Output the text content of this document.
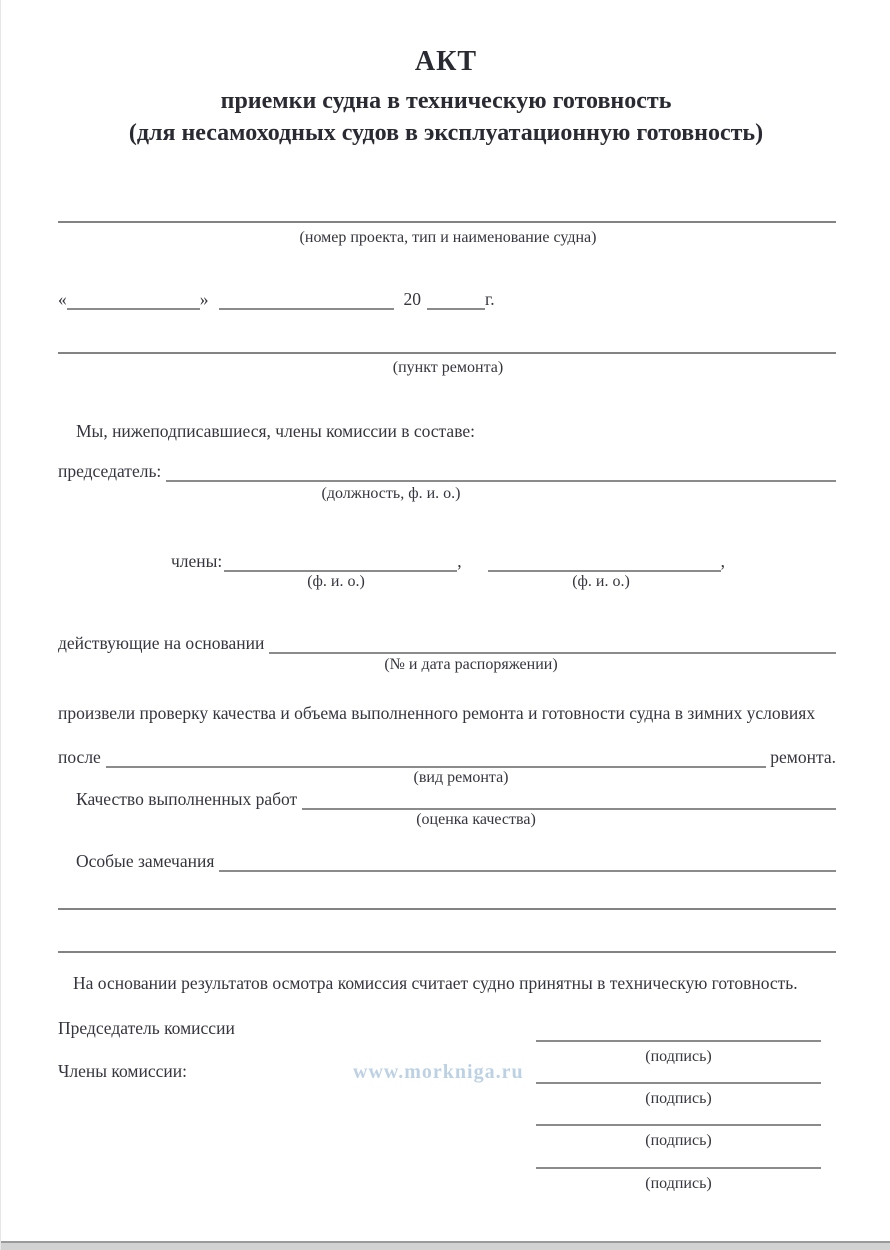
АКТ
приемки судна в техническую готовность
(для несамоходных судов в эксплуатационную готовность)
(номер проекта, тип и наименование судна)
«	»	20	г.
(пункт ремонта)
Мы, нижеподписавшиеся, члены комиссии в составе:
председатель:
(должность, ф. и. о.)
члены:	,	,
(ф. и. о.)	(ф. и. о.)
действующие на основании
(№ и дата распоряжении)
произвели проверку качества и объема выполненного ремонта и готовности судна в зимних условиях
после	ремонта.
(вид ремонта)
Качество выполненных работ
(оценка качества)
Особые замечания
На основании результатов осмотра комиссия считает судно принятны в техническую готовность.
Председатель комиссии
Члены комиссии:	www.morkniga.ru
(подпись)
(подпись)
(подпись)
(подпись)
